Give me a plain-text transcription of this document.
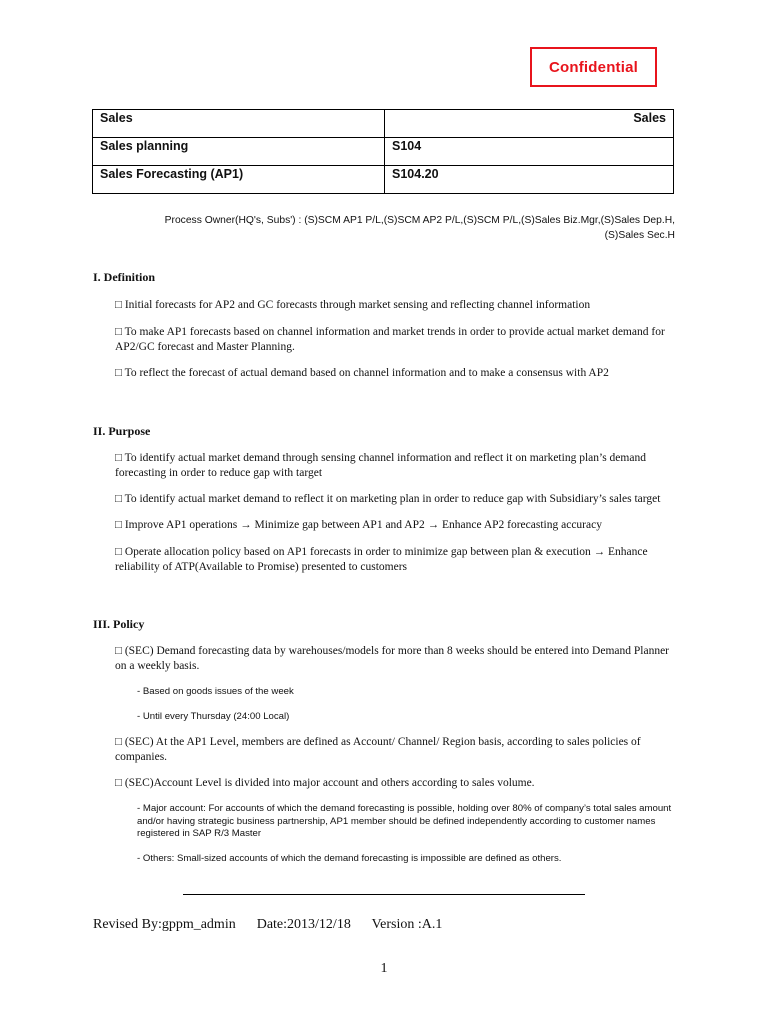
Confidential
Sales	Sales
Sales planning	S104
Sales Forecasting (AP1)	S104.20
Process Owner(HQ's, Subs') : (S)SCM AP1 P/L,(S)SCM AP2 P/L,(S)SCM P/L,(S)Sales Biz.Mgr,(S)Sales Dep.H,
(S)Sales Sec.H
I. Definition
□ Initial forecasts for AP2 and GC forecasts through market sensing and reflecting channel information
□ To make AP1 forecasts based on channel information and market trends in order to provide actual market demand for AP2/GC forecast and Master Planning.
□ To reflect the forecast of actual demand based on channel information and to make a consensus with AP2
II. Purpose
□ To identify actual market demand through sensing channel information and reflect it on marketing plan’s demand forecasting in order to reduce gap with target
□ To identify actual market demand to reflect it on marketing plan in order to reduce gap with Subsidiary’s sales target
□ Improve AP1 operations → Minimize gap between AP1 and AP2 → Enhance AP2 forecasting accuracy
□ Operate allocation policy based on AP1 forecasts in order to minimize gap between plan & execution → Enhance reliability of ATP(Available to Promise) presented to customers
III. Policy
□ (SEC) Demand forecasting data by warehouses/models for more than 8 weeks should be entered into Demand Planner on a weekly basis.
- Based on goods issues of the week
- Until every Thursday (24:00 Local)
□ (SEC) At the AP1 Level, members are defined as Account/ Channel/ Region basis, according to sales policies of companies.
□ (SEC)Account Level is divided into major account and others according to sales volume.
- Major account: For accounts of which the demand forecasting is possible, holding over 80% of company’s total sales amount and/or having strategic business partnership, AP1 member should be defined independently according to customer names registered in SAP R/3 Master
- Others: Small-sized accounts of which the demand forecasting is impossible are defined as others.
Revised By:gppm_admin Date:2013/12/18 Version :A.1
1
